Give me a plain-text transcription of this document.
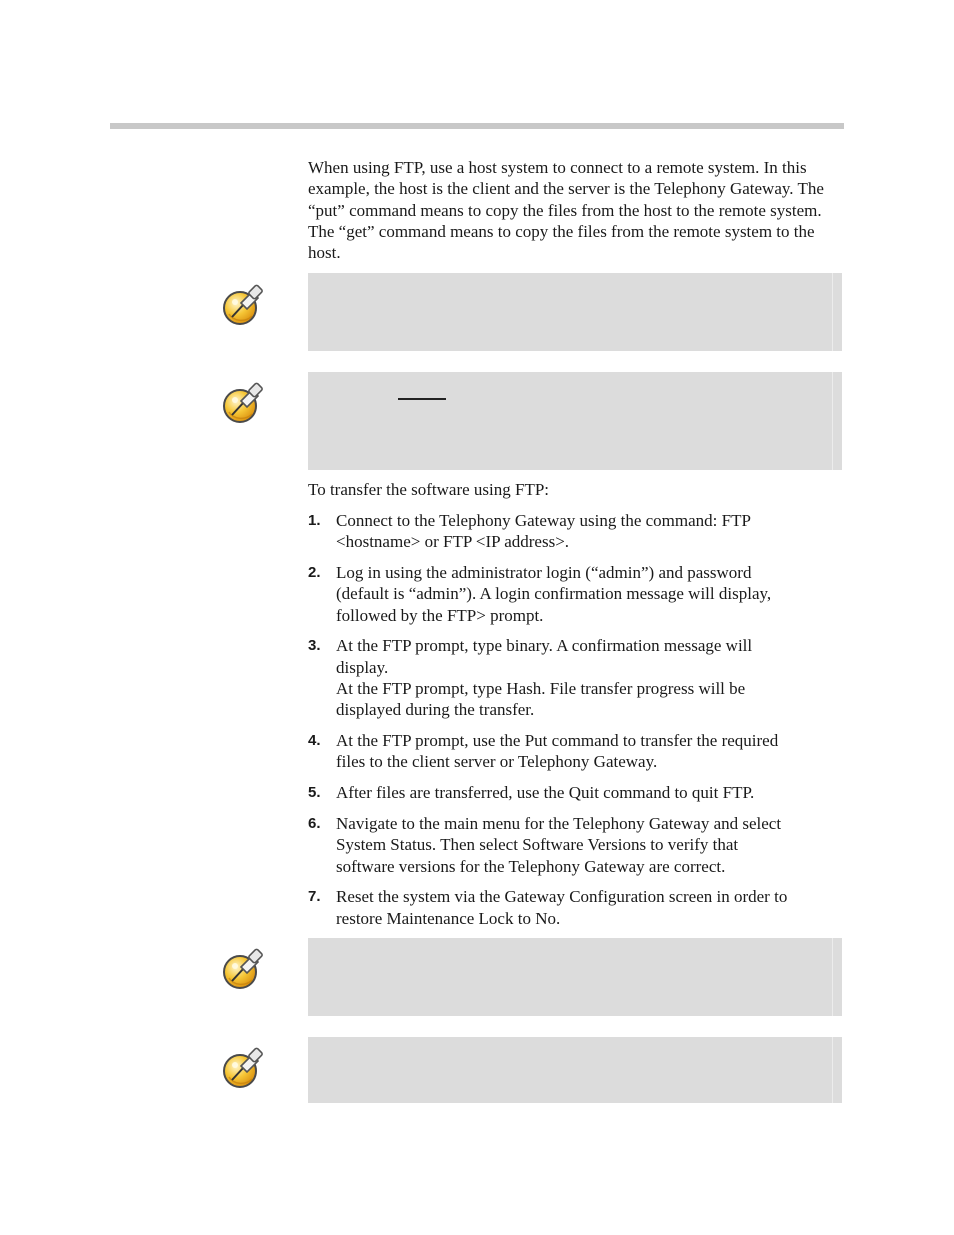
When using FTP, use a host system to connect to a remote system. In this example, the host is the client and the server is the Telephony Gateway. The “put” command means to copy the files from the host to the remote system. The “get” command means to copy the files from the remote system to the host.

To transfer the software using FTP:

1. Connect to the Telephony Gateway using the command: FTP
<hostname> or FTP <IP address>.
2. Log in using the administrator login (“admin”) and password
(default is “admin”). A login confirmation message will display,
followed by the FTP> prompt.
3. At the FTP prompt, type binary. A confirmation message will
display.
At the FTP prompt, type Hash. File transfer progress will be
displayed during the transfer.
4. At the FTP prompt, use the Put command to transfer the required
files to the client server or Telephony Gateway.
5. After files are transferred, use the Quit command to quit FTP.
6. Navigate to the main menu for the Telephony Gateway and select
System Status. Then select Software Versions to verify that
software versions for the Telephony Gateway are correct.
7. Reset the system via the Gateway Configuration screen in order to
restore Maintenance Lock to No.
